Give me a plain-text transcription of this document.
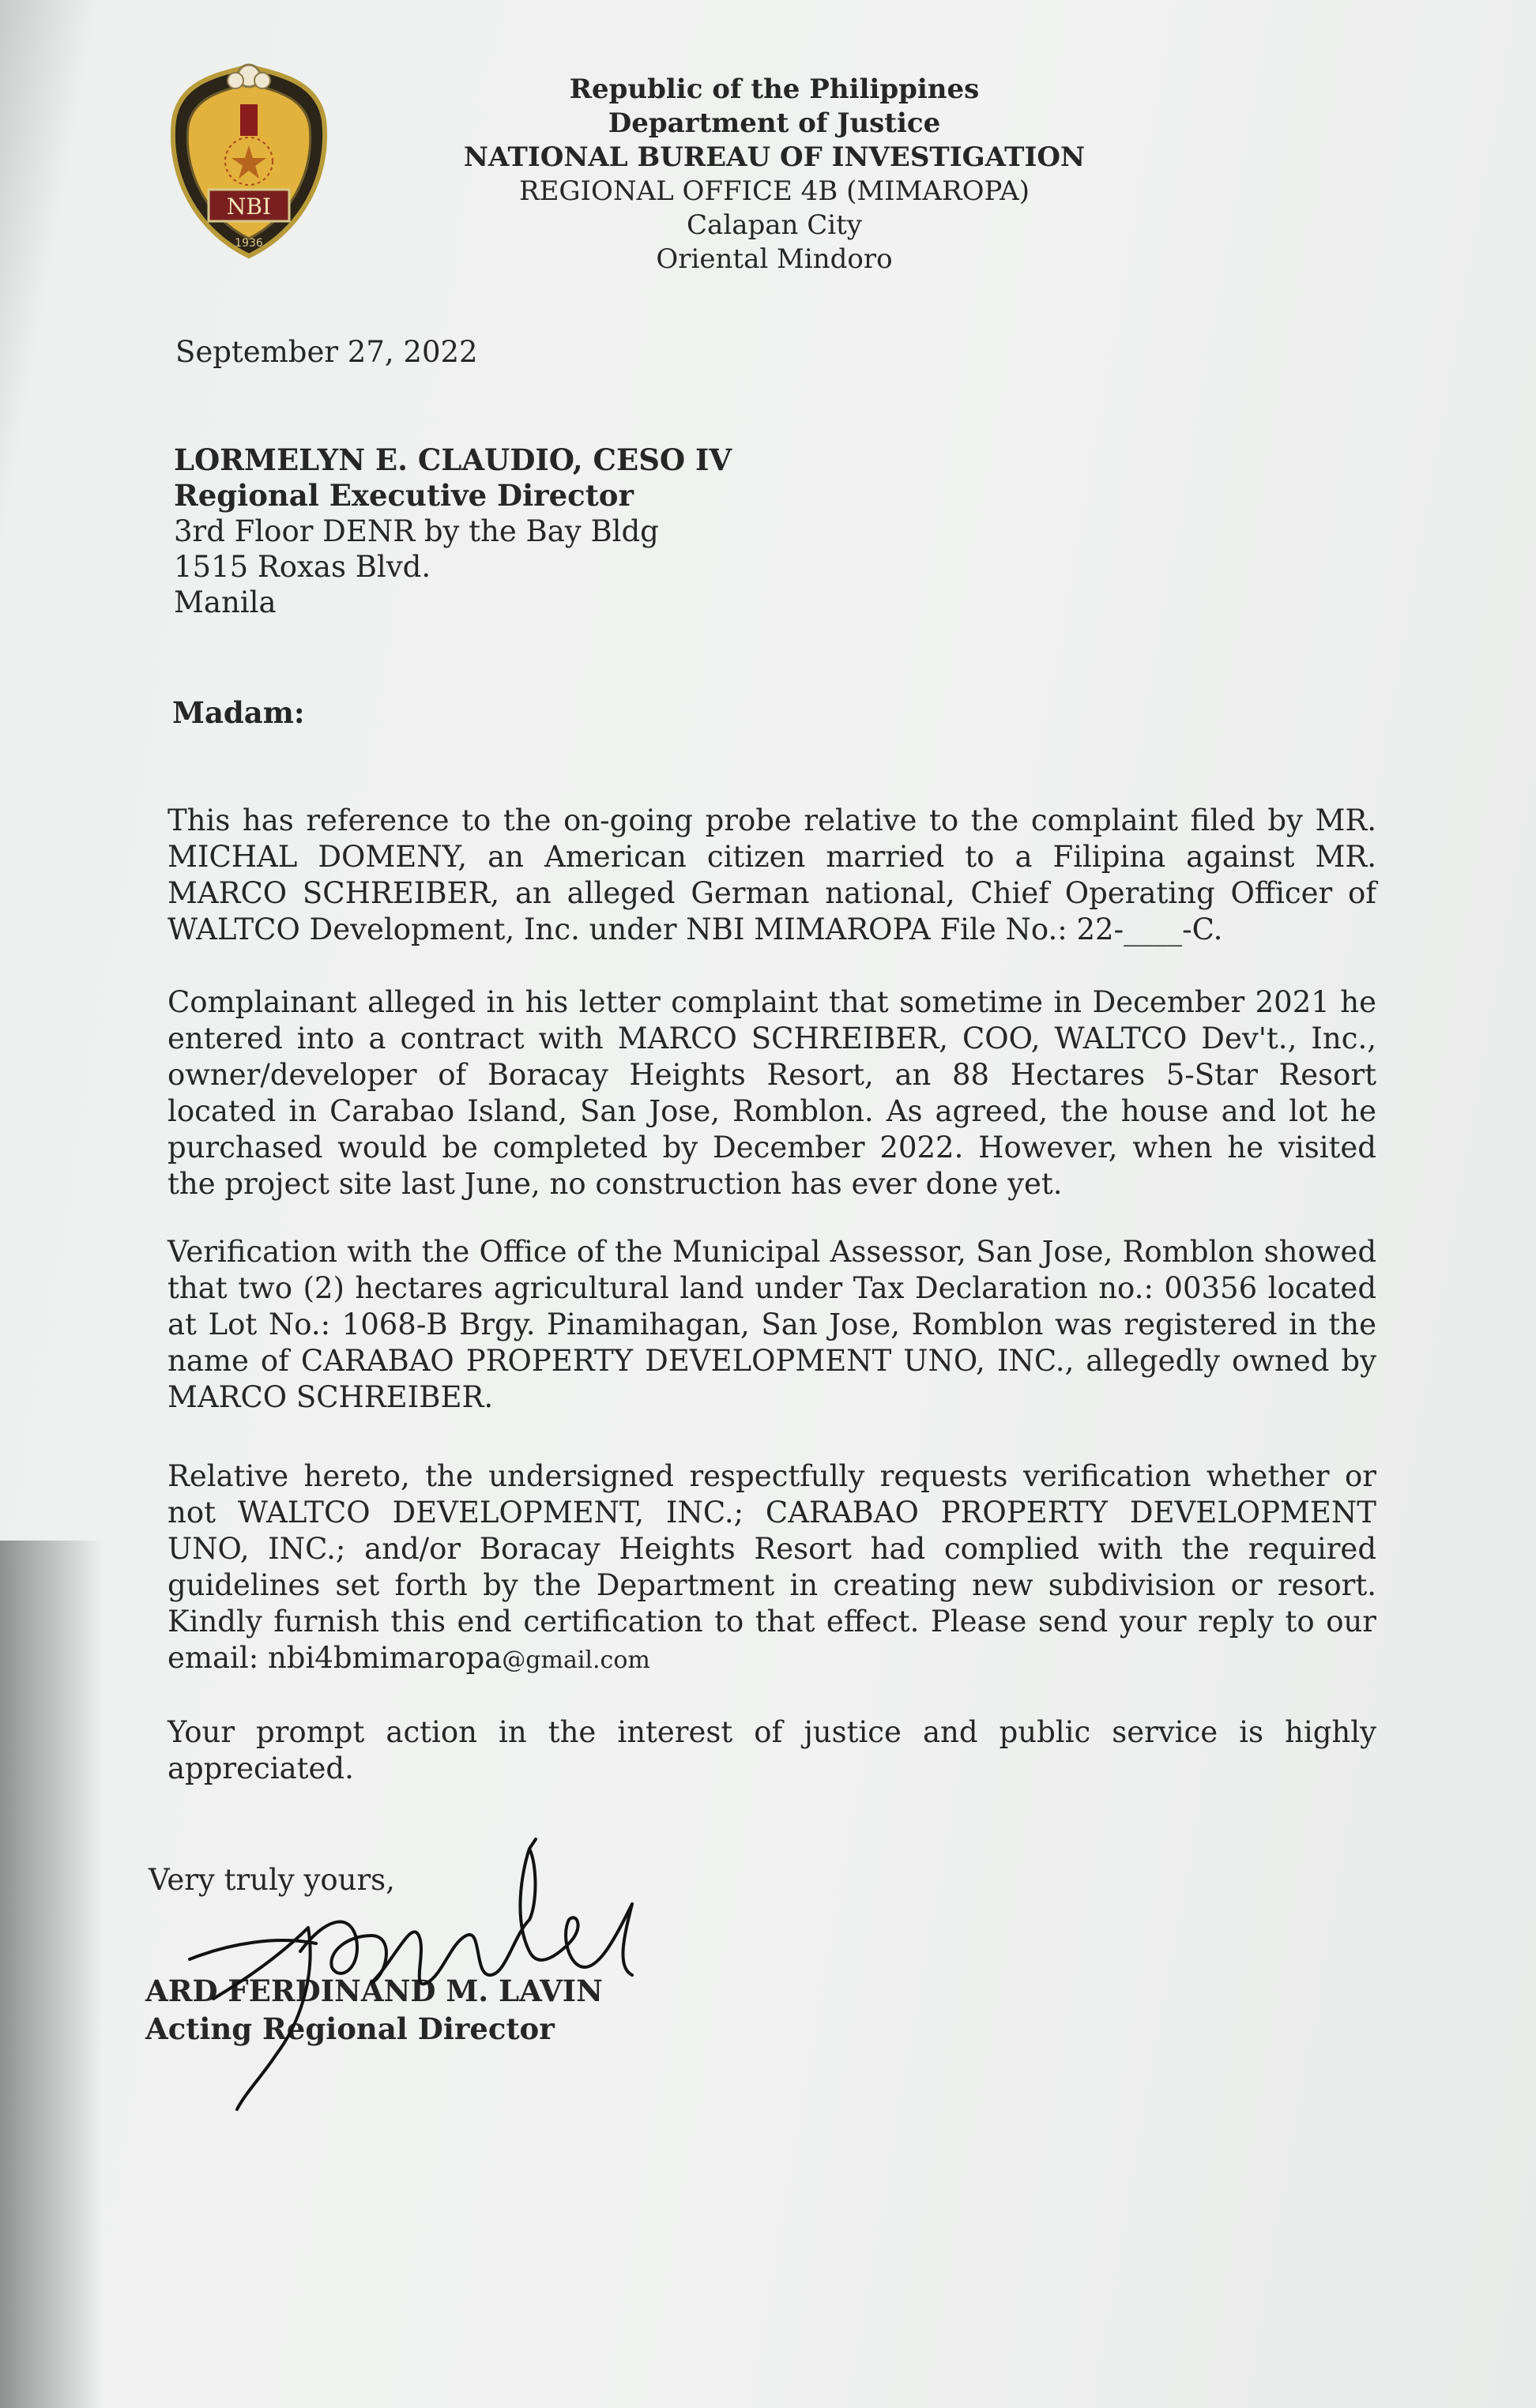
NBI
1936
Republic of the Philippines
Department of Justice
NATIONAL BUREAU OF INVESTIGATION
REGIONAL OFFICE 4B (MIMAROPA)
Calapan City
Oriental Mindoro
September 27, 2022
LORMELYN E. CLAUDIO, CESO IV
Regional Executive Director
3rd Floor DENR by the Bay Bldg
1515 Roxas Blvd.
Manila
Madam:
This has reference to the on-going probe relative to the complaint filed by MR. MICHAL DOMENY, an American citizen married to a Filipina against MR. MARCO SCHREIBER, an alleged German national, Chief Operating Officer of WALTCO Development, Inc. under NBI MIMAROPA File No.: 22-____-C.
Complainant alleged in his letter complaint that sometime in December 2021 he entered into a contract with MARCO SCHREIBER, COO, WALTCO Dev't., Inc., owner/developer of Boracay Heights Resort, an 88 Hectares 5-Star Resort located in Carabao Island, San Jose, Romblon. As agreed, the house and lot he purchased would be completed by December 2022. However, when he visited the project site last June, no construction has ever done yet.
Verification with the Office of the Municipal Assessor, San Jose, Romblon showed that two (2) hectares agricultural land under Tax Declaration no.: 00356 located at Lot No.: 1068-B Brgy. Pinamihagan, San Jose, Romblon was registered in the name of CARABAO PROPERTY DEVELOPMENT UNO, INC., allegedly owned by MARCO SCHREIBER.
Relative hereto, the undersigned respectfully requests verification whether or not WALTCO DEVELOPMENT, INC.; CARABAO PROPERTY DEVELOPMENT UNO, INC.; and/or Boracay Heights Resort had complied with the required guidelines set forth by the Department in creating new subdivision or resort. Kindly furnish this end certification to that effect. Please send your reply to our email: nbi4bmimaropa@gmail.com
Your prompt action in the interest of justice and public service is highly appreciated.
Very truly yours,
ARD FERDINAND M. LAVIN
Acting Regional Director
